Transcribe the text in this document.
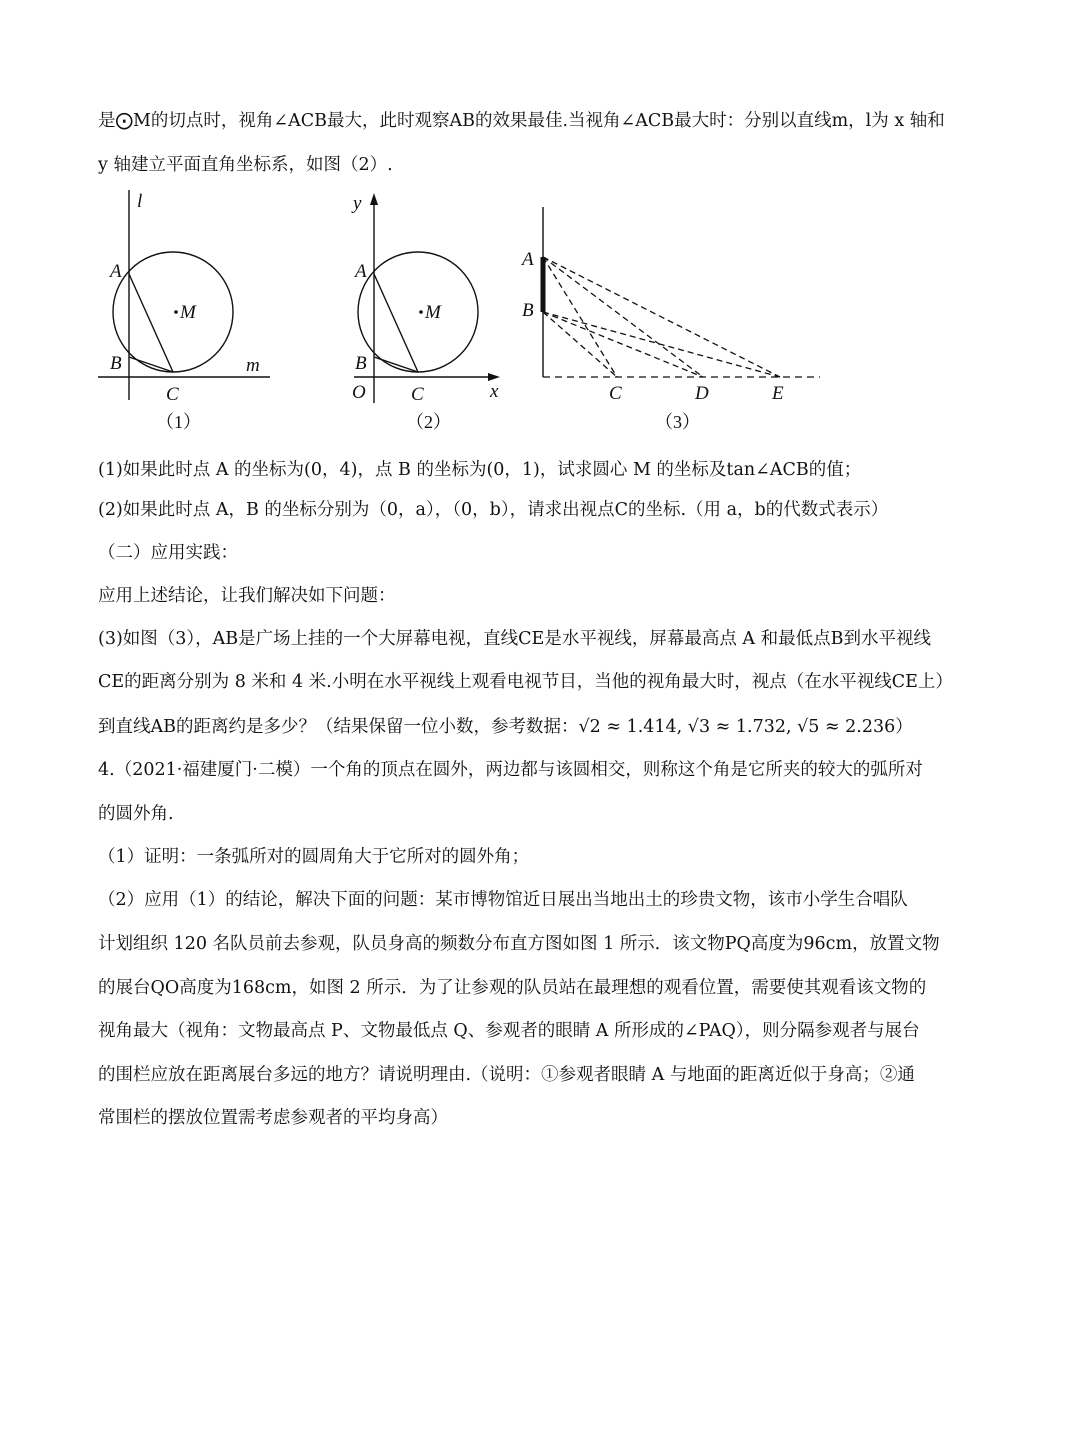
是⨀M的切点时，视角∠ACB最大，此时观察AB的效果最佳.当视角∠ACB最大时：分别以直线m，l为 x 轴和
y 轴建立平面直角坐标系，如图（2）.
l
m
A
B
C
M
（1）
y
x
O
A
B
C
M
（2）
A
B
C	D	E
（3）
(1)如果此时点 A 的坐标为(0，4)，点 B 的坐标为(0，1)，试求圆心 M 的坐标及tan∠ACB的值；
(2)如果此时点 A，B 的坐标分别为（0，a），（0，b），请求出视点C的坐标.（用 a，b的代数式表示）
（二）应用实践：
应用上述结论，让我们解决如下问题：
(3)如图（3），AB是广场上挂的一个大屏幕电视，直线CE是水平视线，屏幕最高点 A 和最低点B到水平视线
CE的距离分别为 8 米和 4 米.小明在水平视线上观看电视节目，当他的视角最大时，视点（在水平视线CE上）
到直线AB的距离约是多少？（结果保留一位小数，参考数据：√2 ≈ 1.414, √3 ≈ 1.732, √5 ≈ 2.236）
4.（2021·福建厦门·二模）一个角的顶点在圆外，两边都与该圆相交，则称这个角是它所夹的较大的弧所对
的圆外角.
（1）证明：一条弧所对的圆周角大于它所对的圆外角；
（2）应用（1）的结论，解决下面的问题：某市博物馆近日展出当地出土的珍贵文物，该市小学生合唱队
计划组织 120 名队员前去参观，队员身高的频数分布直方图如图 1 所示．该文物PQ高度为96cm，放置文物
的展台QO高度为168cm，如图 2 所示．为了让参观的队员站在最理想的观看位置，需要使其观看该文物的
视角最大（视角：文物最高点 P、文物最低点 Q、参观者的眼睛 A 所形成的∠PAQ），则分隔参观者与展台
的围栏应放在距离展台多远的地方？请说明理由.（说明：①参观者眼睛 A 与地面的距离近似于身高；②通
常围栏的摆放位置需考虑参观者的平均身高）
